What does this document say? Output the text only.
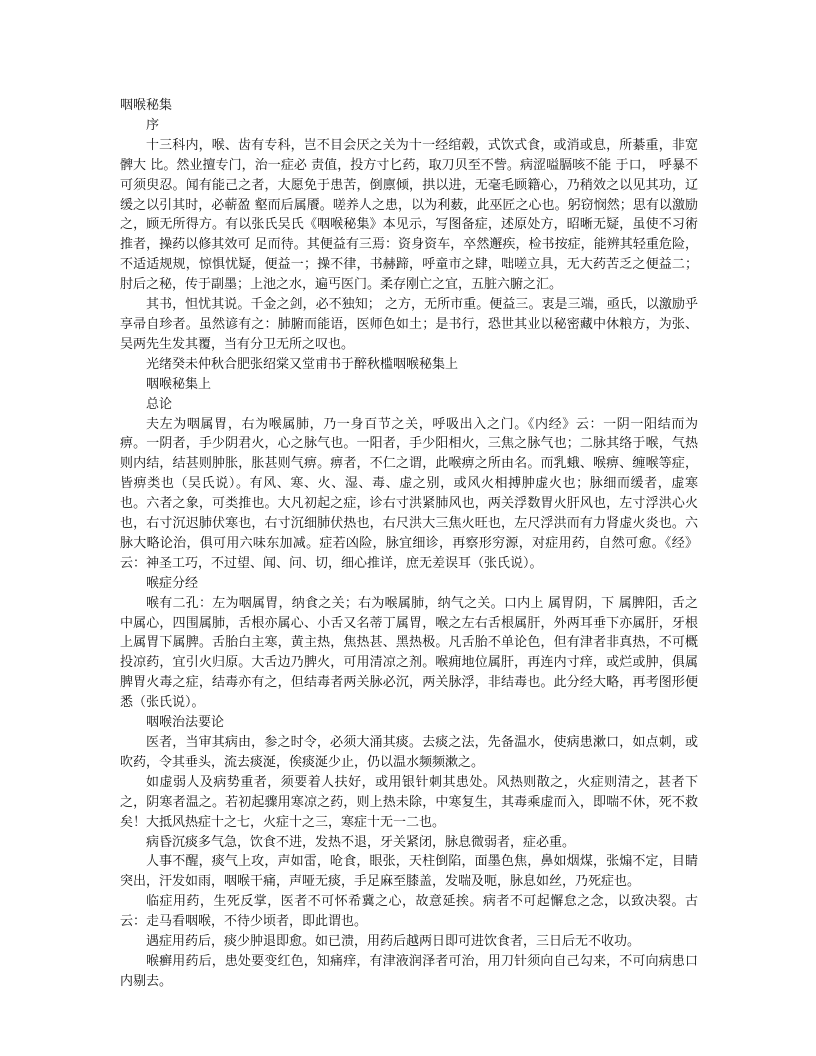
咽喉秘集

序

十三科内，喉、齿有专科，岂不目会厌之关为十一经绾毂，式饮式食，或消或息，所綦重，非宽髀大 比。然业擅专门，治一症必 责值，投方寸匕药，取刀贝至不訾。病涩嗌膈咳不能 于口， 呼暴不可须臾忍。闻有能己之者，大愿免于患苦，倒廪倾，拱以进，无毫毛顾籍心，乃稍效之以见其功，辽缓之以引其时，必蕲盈 壑而后属餍。嗟养人之患，以为利薮，此巫匠之心也。躬窃悯然；思有以激励之，顾无所得方。有以张氏吴氏《咽喉秘集》本见示，写图备症，述原处方，昭晰无疑，虽使不习術推者，操药以修其效可 足而待。其便益有三焉：资身资车，卒然邂疾，检书按症，能辨其轻重危险，不适适规规，惊惧忧疑，便益一；操不律，书赫蹄，呼童市之肆，咄嗟立具，无大药苦乏之便益二；肘后之秘，传于副墨；上池之水，遍丐医门。柔存刚亡之宜，五脏六腑之汇。

其书，怛忧其说。千金之剑，必不独知； 之方，无所市重。便益三。衷是三端，亟氏，以激励乎享帚自珍者。虽然谚有之：肺腑而能语，医师色如土；是书行，恐世其业以秘密藏中休粮方，为张、吴两先生发其覆，当有分卫无所之叹也。

光绪癸未仲秋合肥张绍棠又堂甫书于醉秋槛咽喉秘集上

咽喉秘集上

总论

夫左为咽属胃，右为喉属肺，乃一身百节之关，呼吸出入之门。《内经》云：一阴一阳结而为痹。一阴者，手少阴君火，心之脉气也。一阳者，手少阳相火，三焦之脉气也；二脉其络于喉，气热则内结，结甚则肿胀，胀甚则气痹。痹者，不仁之谓，此喉痹之所由名。而乳蛾、喉痹、缠喉等症，皆痹类也（吴氏说）。有风、寒、火、湿、毒、虚之别，或风火相搏肿虚火也；脉细而缓者，虚寒也。六者之象，可类推也。大凡初起之症，诊右寸洪紧肺风也，两关浮数胃火肝风也，左寸浮洪心火也，右寸沉迟肺伏寒也，右寸沉细肺伏热也，右尺洪大三焦火旺也，左尺浮洪而有力肾虚火炎也。六脉大略论治，俱可用六味东加减。症若凶险，脉宜细诊，再察形穷源，对症用药，自然可愈。《经》云：神圣工巧，不过望、闻、问、切，细心推详，庶无差误耳（张氏说）。

喉症分经

喉有二孔：左为咽属胃，纳食之关；右为喉属肺，纳气之关。口内上 属胃阴，下 属脾阳，舌之中属心，四围属肺，舌根亦属心、小舌又名蒂丁属胃，喉之左右舌根属肝，外两耳垂下亦属肝，牙根上属胃下属脾。舌胎白主寒，黄主热，焦热甚、黑热极。凡舌胎不单论色，但有津者非真热，不可概投凉药，宜引火归原。大舌边乃脾火，可用清凉之剂。喉痈地位属肝，再连内寸痒，或烂或肿，俱属脾胃火毒之症，结毒亦有之，但结毒者两关脉必沉，两关脉浮，非结毒也。此分经大略，再考图形便悉（张氏说）。

咽喉治法要论

医者，当审其病由，参之时令，必须大涌其痰。去痰之法，先备温水，使病患漱口，如点刺，或吹药，令其垂头，流去痰涎，俟痰涎少止，仍以温水频频漱之。

如虚弱人及病势重者，须要着人扶好，或用银针刺其患处。风热则散之，火症则清之，甚者下之，阴寒者温之。若初起骤用寒凉之药，则上热未除，中寒复生，其毒乘虚而入，即喘不休，死不救矣！大抵风热症十之七，火症十之三，寒症十无一二也。

病昏沉痰多气急，饮食不进，发热不退，牙关紧闭，脉息微弱者，症必重。

人事不醒，痰气上攻，声如雷，呛食，眼张，天柱倒陷，面墨色焦，鼻如烟煤，张煽不定，目睛突出，汗发如雨，咽喉干痛，声哑无痰，手足麻至膝盖，发喘及呃，脉息如丝，乃死症也。

临症用药，生死反掌，医者不可怀希冀之心，故意延挨。病者不可起懈怠之念，以致决裂。古云：走马看咽喉，不待少顷者，即此谓也。

遇症用药后，痰少肿退即愈。如已溃，用药后越两日即可进饮食者，三日后无不收功。

喉癣用药后，患处要变红色，知痛痒，有津液润泽者可治，用刀针须向自己勾来，不可向病患口内剔去。
